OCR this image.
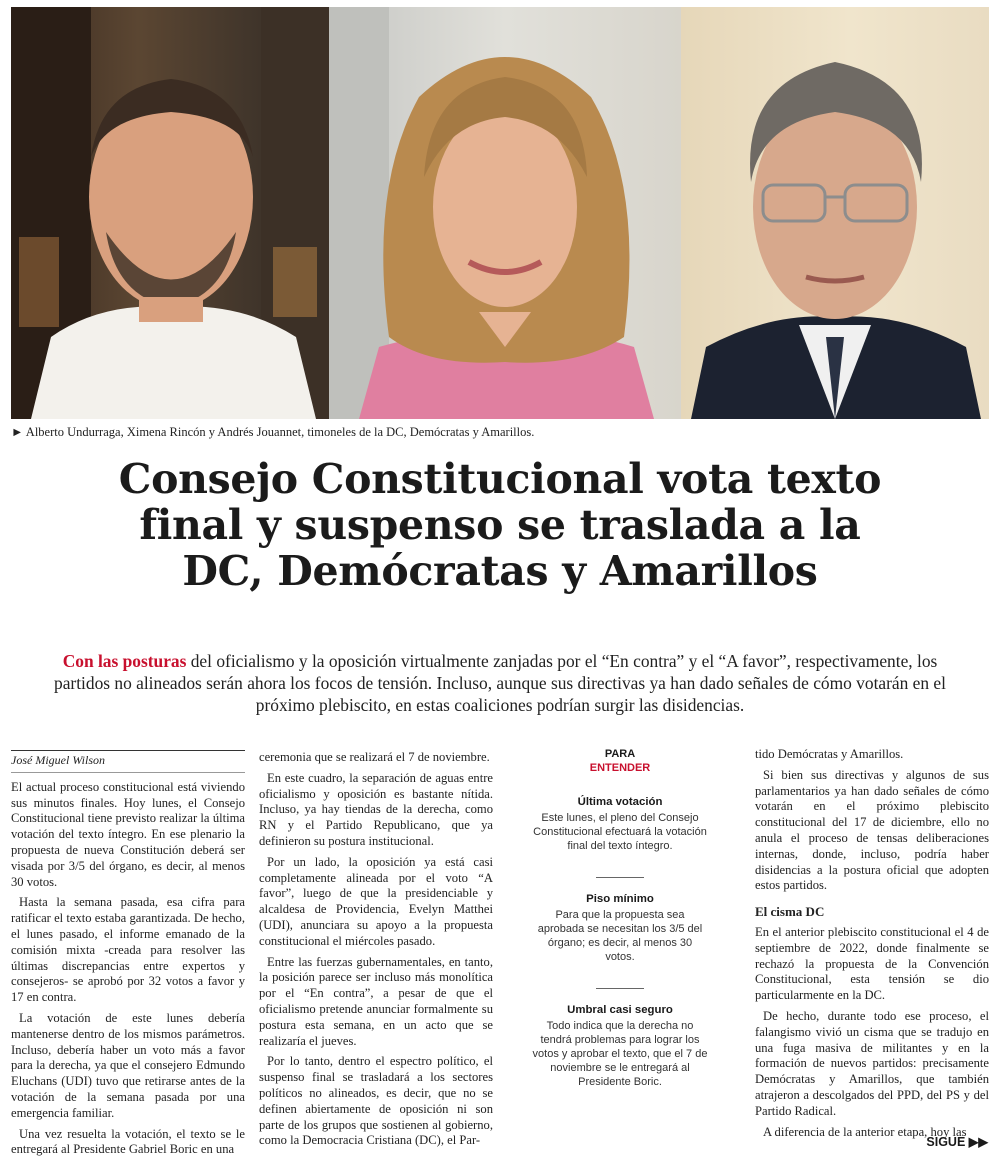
► Alberto Undurraga, Ximena Rincón y Andrés Jouannet, timoneles de la DC, Demócratas y Amarillos.
Consejo Constitucional vota texto
final y suspenso se traslada a la
DC, Demócratas y Amarillos

Con las posturas del oficialismo y la oposición virtualmente zanjadas por el “En contra” y el “A favor”, respectivamente, los partidos no alineados serán ahora los focos de tensión. Incluso, aunque sus directivas ya han dado señales de cómo votarán en el próximo plebiscito, en estas coaliciones podrían surgir las disidencias.

José Miguel Wilson

El actual proceso constitucional está viviendo sus minutos finales. Hoy lunes, el Consejo Constitucional tiene previsto realizar la última votación del texto íntegro. En ese plenario la propuesta de nueva Constitución deberá ser visada por 3/5 del órgano, es decir, al menos 30 votos.

Hasta la semana pasada, esa cifra para ratificar el texto estaba garantizada. De hecho, el lunes pasado, el informe emanado de la comisión mixta -creada para resolver las últimas discrepancias entre expertos y consejeros- se aprobó por 32 votos a favor y 17 en contra.

La votación de este lunes debería mantenerse dentro de los mismos parámetros. Incluso, debería haber un voto más a favor para la derecha, ya que el consejero Edmundo Eluchans (UDI) tuvo que retirarse antes de la votación de la semana pasada por una emergencia familiar.

Una vez resuelta la votación, el texto se le entregará al Presidente Gabriel Boric en una

ceremonia que se realizará el 7 de noviembre.

En este cuadro, la separación de aguas entre oficialismo y oposición es bastante nítida. Incluso, ya hay tiendas de la derecha, como RN y el Partido Republicano, que ya definieron su postura institucional.

Por un lado, la oposición ya está casi completamente alineada por el voto “A favor”, luego de que la presidenciable y alcaldesa de Providencia, Evelyn Matthei (UDI), anunciara su apoyo a la propuesta constitucional el miércoles pasado.

Entre las fuerzas gubernamentales, en tanto, la posición parece ser incluso más monolítica por el “En contra”, a pesar de que el oficialismo pretende anunciar formalmente su postura esta semana, en un acto que se realizaría el jueves.

Por lo tanto, dentro el espectro político, el suspenso final se trasladará a los sectores políticos no alineados, es decir, que no se definen abiertamente de oposición ni son parte de los grupos que sostienen al gobierno, como la Democracia Cristiana (DC), el Par-

PARA
ENTENDER
Última votación
Este lunes, el pleno del Consejo Constitucional efectuará la votación final del texto íntegro.
Piso mínimo
Para que la propuesta sea aprobada se necesitan los 3/5 del órgano; es decir, al menos 30 votos.
Umbral casi seguro
Todo indica que la derecha no tendrá problemas para lograr los votos y aprobar el texto, que el 7 de noviembre se le entregará al Presidente Boric.

tido Demócratas y Amarillos.

Si bien sus directivas y algunos de sus parlamentarios ya han dado señales de cómo votarán en el próximo plebiscito constitucional del 17 de diciembre, ello no anula el proceso de tensas deliberaciones internas, donde, incluso, podría haber disidencias a la postura oficial que adopten estos partidos.

El cisma DC

En el anterior plebiscito constitucional el 4 de septiembre de 2022, donde finalmente se rechazó la propuesta de la Convención Constitucional, esta tensión se dio particularmente en la DC.

De hecho, durante todo ese proceso, el falangismo vivió un cisma que se tradujo en una fuga masiva de militantes y en la formación de nuevos partidos: precisamente Demócratas y Amarillos, que también atrajeron a descolgados del PPD, del PS y del Partido Radical.

A diferencia de la anterior etapa, hoy las

SIGUE ▶▶
